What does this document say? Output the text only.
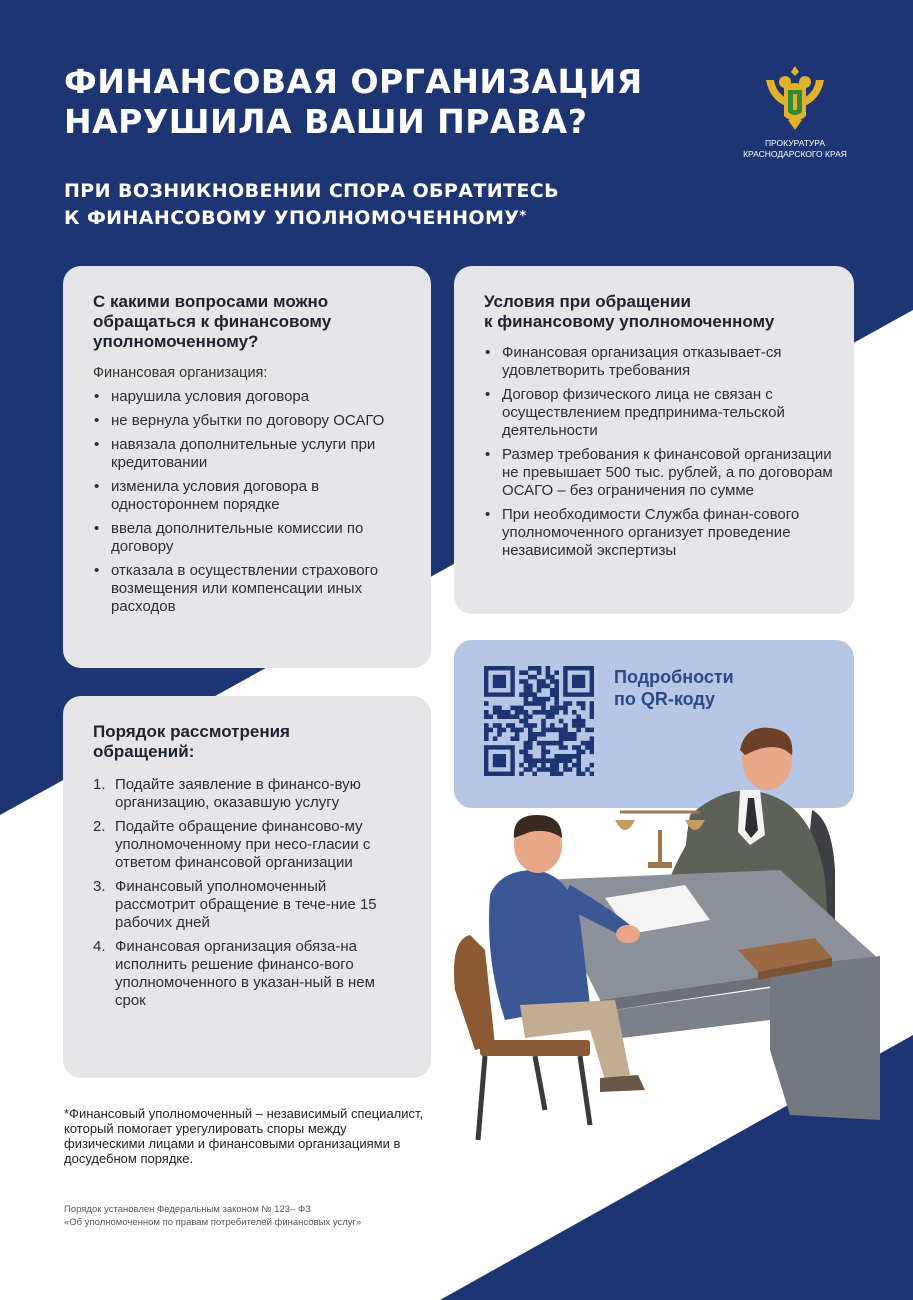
ФИНАНСОВАЯ ОРГАНИЗАЦИЯ
НАРУШИЛА ВАШИ ПРАВА?
ПРИ ВОЗНИКНОВЕНИИ СПОРА ОБРАТИТЕСЬ
К ФИНАНСОВОМУ УПОЛНОМОЧЕННОМУ*
ПРОКУРАТУРА
КРАСНОДАРСКОГО КРАЯ
С какими вопросами можно
обращаться к финансовому
уполномоченному?
Финансовая организация:
• нарушила условия договора
• не вернула убытки по договору ОСАГО
• навязала дополнительные услуги при кредитовании
• изменила условия договора в одностороннем порядке
• ввела дополнительные комиссии по договору
• отказала в осуществлении страхового возмещения или компенсации иных расходов
Условия при обращении
к финансовому уполномоченному
• Финансовая организация отказывает-ся удовлетворить требования
• Договор физического лица не связан с осуществлением предпринима-тельской деятельности
• Размер требования к финансовой организации не превышает 500 тыс. рублей, а по договорам ОСАГО – без ограничения по сумме
• При необходимости Служба финан-сового уполномоченного организует проведение независимой экспертизы
Подробности
по QR-коду
Порядок рассмотрения
обращений:
1. Подайте заявление в финансо-вую организацию, оказавшую услугу
2. Подайте обращение финансово-му уполномоченному при несо-гласии с ответом финансовой организации
3. Финансовый уполномоченный рассмотрит обращение в тече-ние 15 рабочих дней
4. Финансовая организация обяза-на исполнить решение финансо-вого уполномоченного в указан-ный в нем срок
*Финансовый уполномоченный – независимый специалист, который помогает урегулировать споры между физическими лицами и финансовыми организациями в досудебном порядке.
Порядок установлен Федеральным законом № 123– ФЗ
«Об уполномоченном по правам потребителей финансовых услуг»
